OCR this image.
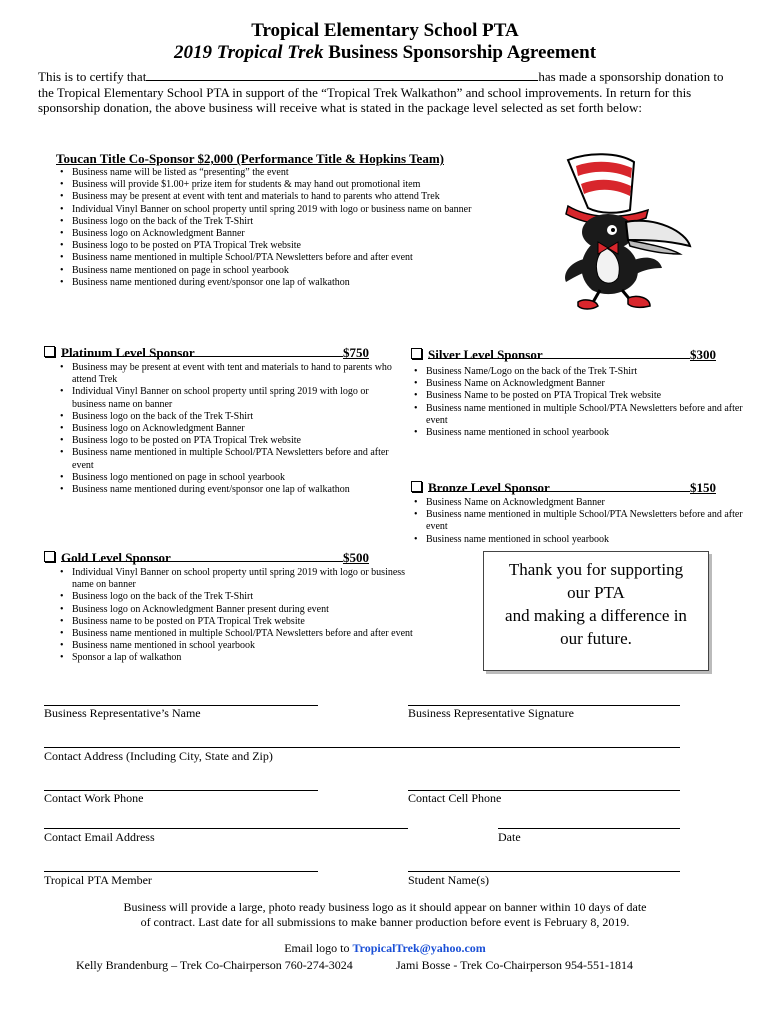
Tropical Elementary School PTA
2019 Tropical Trek Business Sponsorship Agreement
This is to certify that	has made a sponsorship donation to the Tropical Elementary School PTA in support of the “Tropical Trek Walkathon” and school improvements. In return for this sponsorship donation, the above business will receive what is stated in the package level selected as set forth below:
Toucan Title Co-Sponsor $2,000 (Performance Title & Hopkins Team)
• Business name will be listed as “presenting” the event
• Business will provide $1.00+ prize item for students & may hand out promotional item
• Business may be present at event with tent and materials to hand to parents who attend Trek
• Individual Vinyl Banner on school property until spring 2019 with logo or business name on banner
• Business logo on the back of the Trek T-Shirt
• Business logo on Acknowledgment Banner
• Business logo to be posted on PTA Tropical Trek website
• Business name mentioned in multiple School/PTA Newsletters before and after event
• Business name mentioned on page in school yearbook
• Business name mentioned during event/sponsor one lap of walkathon
Platinum Level Sponsor	$750
• Business may be present at event with tent and materials to hand to parents who attend Trek
• Individual Vinyl Banner on school property until spring 2019 with logo or business name on banner
• Business logo on the back of the Trek T-Shirt
• Business logo on Acknowledgment Banner
• Business logo to be posted on PTA Tropical Trek website
• Business name mentioned in multiple School/PTA Newsletters before and after event
• Business logo mentioned on page in school yearbook
• Business name mentioned during event/sponsor one lap of walkathon
Silver Level Sponsor	$300
• Business Name/Logo on the back of the Trek T-Shirt
• Business Name on Acknowledgment Banner
• Business Name to be posted on PTA Tropical Trek website
• Business name mentioned in multiple School/PTA Newsletters before and after event
• Business name mentioned in school yearbook
Bronze Level Sponsor	$150
• Business Name on Acknowledgment Banner
• Business name mentioned in multiple School/PTA Newsletters before and after event
• Business name mentioned in school yearbook
Gold Level Sponsor	$500
• Individual Vinyl Banner on school property until spring 2019 with logo or business name on banner
• Business logo on the back of the Trek T-Shirt
• Business logo on Acknowledgment Banner present during event
• Business name to be posted on PTA Tropical Trek website
• Business name mentioned in multiple School/PTA Newsletters before and after event
• Business name mentioned in school yearbook
• Sponsor a lap of walkathon
Thank you for supporting
our PTA
and making a difference in
our future.
Business Representative’s Name	Business Representative Signature
Contact Address (Including City, State and Zip)
Contact Work Phone	Contact Cell Phone
Contact Email Address	Date
Tropical PTA Member	Student Name(s)
Business will provide a large, photo ready business logo as it should appear on banner within 10 days of date
of contract. Last date for all submissions to make banner production before event is February 8, 2019.
Email logo to TropicalTrek@yahoo.com
Kelly Brandenburg – Trek Co-Chairperson 760-274-3024	Jami Bosse - Trek Co-Chairperson 954-551-1814
